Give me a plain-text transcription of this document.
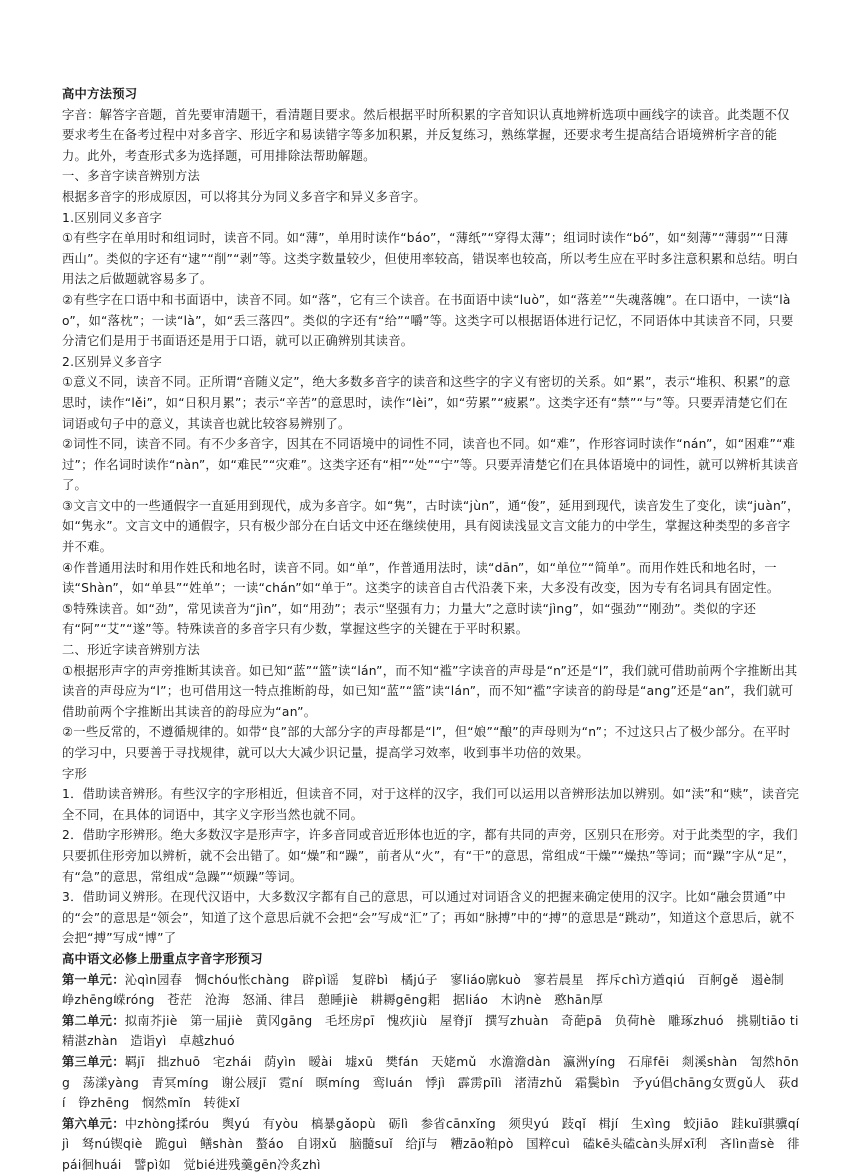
高中方法预习

字音：解答字音题，首先要审清题干，看清题目要求。然后根据平时所积累的字音知识认真地辨析选项中画线字的读音。此类题不仅要求考生在备考过程中对多音字、形近字和易读错字等多加积累，并反复练习，熟练掌握，还要求考生提高结合语境辨析字音的能力。此外，考查形式多为选择题，可用排除法帮助解题。

一、多音字读音辨别方法

根据多音字的形成原因，可以将其分为同义多音字和异义多音字。

1.区别同义多音字

①有些字在单用时和组词时，读音不同。如“薄”，单用时读作“báo”，“薄纸”“穿得太薄”；组词时读作“bó”，如“刻薄”“薄弱”“日薄西山”。类似的字还有“逮”“削”“剥”等。这类字数量较少，但使用率较高，错误率也较高，所以考生应在平时多注意积累和总结。明白用法之后做题就容易多了。

②有些字在口语中和书面语中，读音不同。如“落”，它有三个读音。在书面语中读“luò”，如“落差”“失魂落魄”。在口语中，一读“lào”，如“落枕”；一读“là”，如“丢三落四”。类似的字还有“给”“嚼”等。这类字可以根据语体进行记忆，不同语体中其读音不同，只要分清它们是用于书面语还是用于口语，就可以正确辨别其读音。

2.区别异义多音字

①意义不同，读音不同。正所谓“音随义定”，绝大多数多音字的读音和这些字的字义有密切的关系。如“累”，表示“堆积、积累”的意思时，读作“lěi”，如“日积月累”；表示“辛苦”的意思时，读作“lèi”，如“劳累”“疲累”。这类字还有“禁”“与”等。只要弄清楚它们在词语或句子中的意义，其读音也就比较容易辨别了。

②词性不同，读音不同。有不少多音字，因其在不同语境中的词性不同，读音也不同。如“难”，作形容词时读作“nán”，如“困难”“难过”；作名词时读作“nàn”，如“难民”“灾难”。这类字还有“相”“处”“宁”等。只要弄清楚它们在具体语境中的词性，就可以辨析其读音了。

③文言文中的一些通假字一直延用到现代，成为多音字。如“隽”，古时读“jùn”，通“俊”，延用到现代，读音发生了变化，读“juàn”，如“隽永”。文言文中的通假字，只有极少部分在白话文中还在继续使用，具有阅读浅显文言文能力的中学生，掌握这种类型的多音字并不难。

④作普通用法时和用作姓氏和地名时，读音不同。如“单”，作普通用法时，读“dān”，如“单位”“简单”。而用作姓氏和地名时，一读“Shàn”，如“单县”“姓单”；一读“chán”如“单于”。这类字的读音自古代沿袭下来，大多没有改变，因为专有名词具有固定性。

⑤特殊读音。如“劲”，常见读音为“jìn”，如“用劲”；表示“坚强有力；力量大”之意时读“jìng”，如“强劲”“刚劲”。类似的字还有“阿”“艾”“遂”等。特殊读音的多音字只有少数，掌握这些字的关键在于平时积累。

二、形近字读音辨别方法

①根据形声字的声旁推断其读音。如已知“蓝”“篮”读“lán”，而不知“褴”字读音的声母是“n”还是“l”，我们就可借助前两个字推断出其读音的声母应为“l”；也可借用这一特点推断韵母，如已知“蓝”“篮”读“lán”，而不知“褴”字读音的韵母是“ang”还是“an”，我们就可借助前两个字推断出其读音的韵母应为“an”。

②一些反常的，不遵循规律的。如带“良”部的大部分字的声母都是“l”，但“娘”“酿”的声母则为“n”；不过这只占了极少部分。在平时的学习中，只要善于寻找规律，就可以大大减少识记量，提高学习效率，收到事半功倍的效果。

字形

1．借助读音辨形。有些汉字的字形相近，但读音不同，对于这样的汉字，我们可以运用以音辨形法加以辨别。如“渎”和“赎”，读音完全不同，在具体的词语中，其字义字形当然也就不同。

2．借助字形辨形。绝大多数汉字是形声字，许多音同或音近形体也近的字，都有共同的声旁，区别只在形旁。对于此类型的字，我们只要抓住形旁加以辨析，就不会出错了。如“燥”和“躁”，前者从“火”，有“干”的意思，常组成“干燥”“燥热”等词；而“躁”字从“足”，有“急”的意思，常组成“急躁”“烦躁”等词。

3．借助词义辨形。在现代汉语中，大多数汉字都有自己的意思，可以通过对词语含义的把握来确定使用的汉字。比如“融会贯通”中的“会”的意思是“领会”，知道了这个意思后就不会把“会”写成“汇”了；再如“脉搏”中的“搏”的意思是“跳动”，知道这个意思后，就不会把“搏”写成“博”了

高中语文必修上册重点字音字形预习

第一单元：沁qìn园春　惆chóu怅chàng　辟pì谣　复辟bì　橘jú子　寥liáo廓kuò　寥若晨星　挥斥chì方遒qiú　百舸gě　遏è制　峥zhēng嵘róng　苍茫　沧海　怒涌、律吕　憩睡jiè　耕耨gēng耜　据liáo　木讷nè　憨hān厚

第二单元：拟南芥jiè　第一届jiè　黄冈gāng　毛坯房pī　愧疚jiù　屋脊jǐ　撰写zhuàn　奇葩pā　负荷hè　雕琢zhuó　挑剔tiāo ti　精湛zhàn　造诣yì　卓越zhuó

第三单元：羁jī　拙zhuō　宅zhái　荫yìn　暧ài　墟xū　樊fán　天姥mǔ　水澹澹dàn　瀛洲yíng　石扉fēi　剡溪shàn　訇然hōng　荡漾yàng　青冥míng　谢公屐jī　霓ní　暝míng　鸾luán　悸jì　霹雳pīlì　渚清zhǔ　霜鬓bìn　予yú倡chāng女贾gǔ人　荻dí　铮zhēng　悯然mǐn　转徙xǐ

第六单元：中zhòng揉róu　舆yú　有yòu　槁暴gǎopù　砺lì　参省cānxǐng　须臾yú　跂qǐ　楫jí　生xìng　蛟jiāo　跬kuǐ骐骥qíjì　驽nú锲qiè　跪guì　鳝shàn　螯áo　自诩xǔ　脑髓suǐ　给jǐ与　糟zāo粕pò　国粹cuì　磕kē头磕càn头屏xī利　吝lìn啬sè　徘pái徊huái　譬pì如　觉bié进残羹gēn冷炙zhì
